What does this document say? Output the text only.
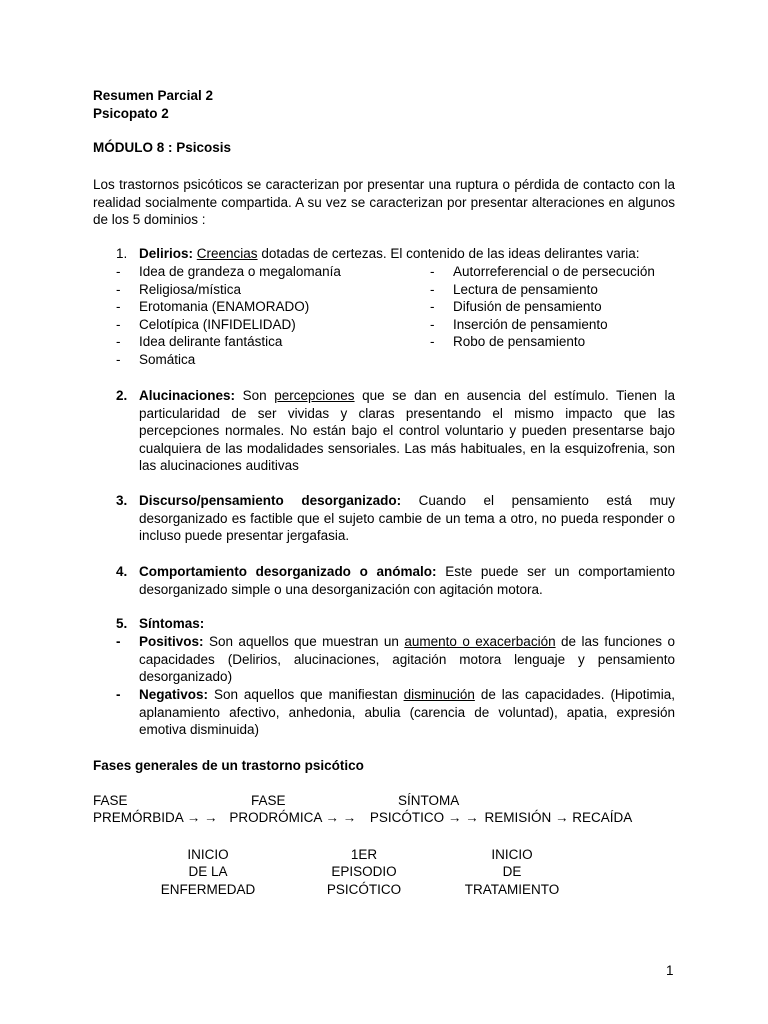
Resumen Parcial 2
Psicopato 2
MÓDULO 8 : Psicosis
Los trastornos psicóticos se caracterizan por presentar una ruptura o pérdida de contacto con la realidad socialmente compartida. A su vez se caracterizan por presentar alteraciones en algunos de los 5 dominios :
1. Delirios: Creencias dotadas de certezas. El contenido de las ideas delirantes varia:
- Idea de grandeza o megalomanía
- Religiosa/mística
- Erotomania (ENAMORADO)
- Celotípica (INFIDELIDAD)
- Idea delirante fantástica
- Somática
- Autorreferencial o de persecución
- Lectura de pensamiento
- Difusión de pensamiento
- Inserción de pensamiento
- Robo de pensamiento
2. Alucinaciones: Son percepciones que se dan en ausencia del estímulo. Tienen la particularidad de ser vividas y claras presentando el mismo impacto que las percepciones normales. No están bajo el control voluntario y pueden presentarse bajo cualquiera de las modalidades sensoriales. Las más habituales, en la esquizofrenia, son las alucinaciones auditivas
3. Discurso/pensamiento desorganizado: Cuando el pensamiento está muy desorganizado es factible que el sujeto cambie de un tema a otro, no pueda responder o incluso puede presentar jergafasia.
4. Comportamiento desorganizado o anómalo: Este puede ser un comportamiento desorganizado simple o una desorganización con agitación motora.
5. Síntomas:
- Positivos: Son aquellos que muestran un aumento o exacerbación de las funciones o capacidades (Delirios, alucinaciones, agitación motora lenguaje y pensamiento desorganizado)
- Negativos: Son aquellos que manifiestan disminución de las capacidades. (Hipotimia, aplanamiento afectivo, anhedonia, abulia (carencia de voluntad), apatia, expresión emotiva disminuida)
Fases generales de un trastorno psicótico
FASE	FASE	SÍNTOMA
PREMÓRBIDA → → PRODRÓMICA → → PSICÓTICO → → REMISIÓN → RECAÍDA
INICIO
DE LA
ENFERMEDAD
1ER
EPISODIO
PSICÓTICO
INICIO
DE
TRATAMIENTO
1
